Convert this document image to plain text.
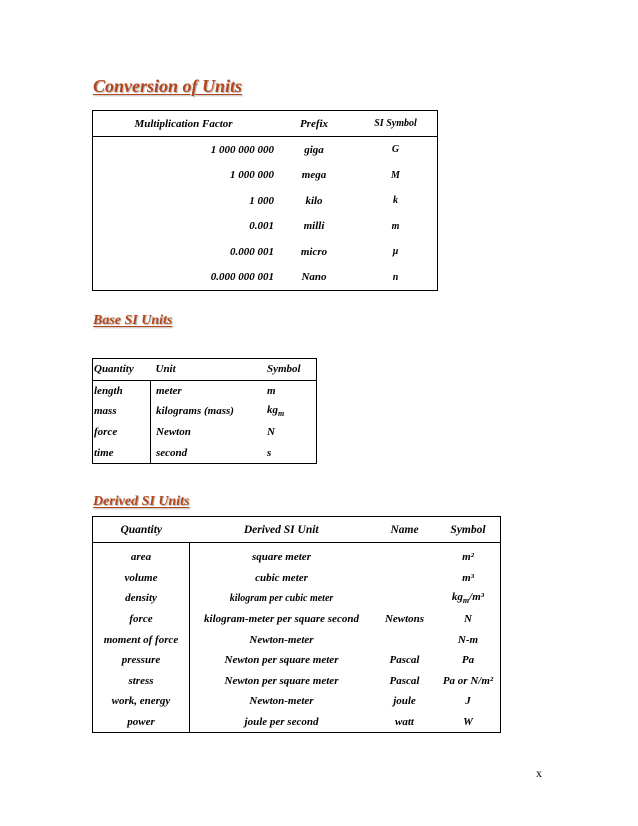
Conversion of Units
Multiplication Factor	Prefix	SI Symbol
1 000 000 000	giga	G
1 000 000	mega	M
1 000	kilo	k
0.001	milli	m
0.000 001	micro	µ
0.000 000 001	Nano	n
Base SI Units
Quantity	Unit	Symbol
length	meter	m
mass	kilograms (mass)	$kg_m$
force	Newton	N
time	second	s
Derived SI Units
Quantity	Derived SI Unit	Name	Symbol
area	square meter		m²
volume	cubic meter		m³
density	kilogram per cubic meter		$kg_m/m^3$
force	kilogram-meter per square second	Newtons	N
moment of force	Newton-meter		N-m
pressure	Newton per square meter	Pascal	Pa
stress	Newton per square meter	Pascal	Pa or N/m²
work, energy	Newton-meter	joule	J
power	joule per second	watt	W
x
